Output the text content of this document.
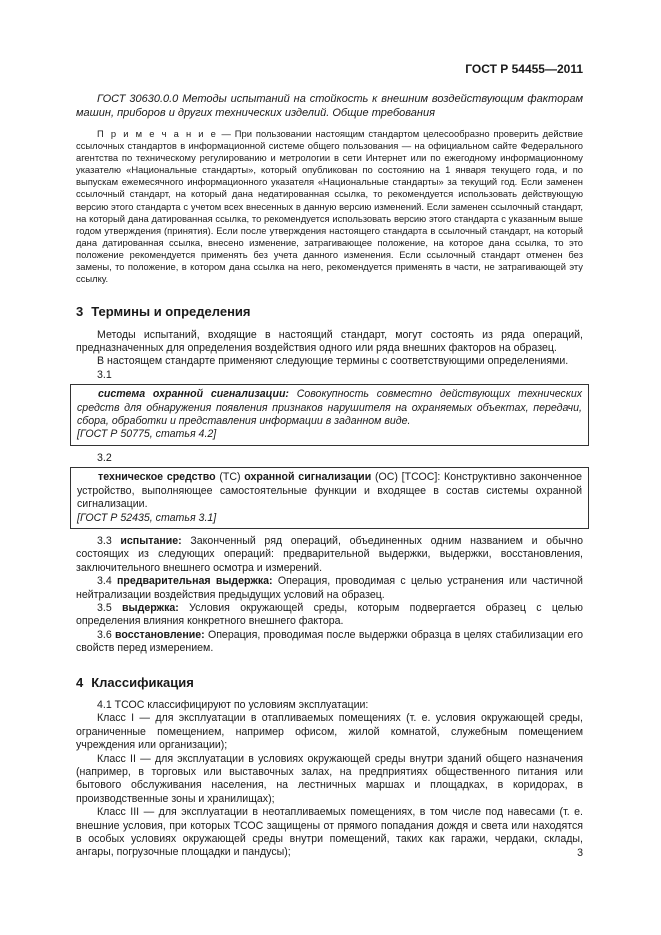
ГОСТ Р 54455—2011

ГОСТ 30630.0.0 Методы испытаний на стойкость к внешним воздействующим факторам машин, приборов и других технических изделий. Общие требования

П р и м е ч а н и е — При пользовании настоящим стандартом целесообразно проверить действие ссылочных стандартов в информационной системе общего пользования — на официальном сайте Федерального агентства по техническому регулированию и метрологии в сети Интернет или по ежегодному информационному указателю «Национальные стандарты», который опубликован по состоянию на 1 января текущего года, и по выпускам ежемесячного информационного указателя «Национальные стандарты» за текущий год. Если заменен ссылочный стандарт, на который дана недатированная ссылка, то рекомендуется использовать действующую версию этого стандарта с учетом всех внесенных в данную версию изменений. Если заменен ссылочный стандарт, на который дана датированная ссылка, то рекомендуется использовать версию этого стандарта с указанным выше годом утверждения (принятия). Если после утверждения настоящего стандарта в ссылочный стандарт, на который дана датированная ссылка, внесено изменение, затрагивающее положение, на которое дана ссылка, то это положение рекомендуется применять без учета данного изменения. Если ссылочный стандарт отменен без замены, то положение, в котором дана ссылка на него, рекомендуется применять в части, не затрагивающей эту ссылку.

3 Термины и определения

Методы испытаний, входящие в настоящий стандарт, могут состоять из ряда операций, предназначенных для определения воздействия одного или ряда внешних факторов на образец.

В настоящем стандарте применяют следующие термины с соответствующими определениями.

3.1

система охранной сигнализации: Совокупность совместно действующих технических средств для обнаружения появления признаков нарушителя на охраняемых объектах, передачи, сбора, обработки и представления информации в заданном виде.

[ГОСТ Р 50775, статья 4.2]

3.2

техническое средство (ТС) охранной сигнализации (ОС) [ТСОС]: Конструктивно законченное устройство, выполняющее самостоятельные функции и входящее в состав системы охранной сигнализации.

[ГОСТ Р 52435, статья 3.1]

3.3 испытание: Законченный ряд операций, объединенных одним названием и обычно состоящих из следующих операций: предварительной выдержки, выдержки, восстановления, заключительного внешнего осмотра и измерений.

3.4 предварительная выдержка: Операция, проводимая с целью устранения или частичной нейтрализации воздействия предыдущих условий на образец.

3.5 выдержка: Условия окружающей среды, которым подвергается образец с целью определения влияния конкретного внешнего фактора.

3.6 восстановление: Операция, проводимая после выдержки образца в целях стабилизации его свойств перед измерением.

4 Классификация

4.1 ТСОС классифицируют по условиям эксплуатации:

Класс I — для эксплуатации в отапливаемых помещениях (т. е. условия окружающей среды, ограниченные помещением, например офисом, жилой комнатой, служебным помещением учреждения или организации);

Класс II — для эксплуатации в условиях окружающей среды внутри зданий общего назначения (например, в торговых или выставочных залах, на предприятиях общественного питания или бытового обслуживания населения, на лестничных маршах и площадках, в коридорах, в производственные зоны и хранилищах);

Класс III — для эксплуатации в неотапливаемых помещениях, в том числе под навесами (т. е. внешние условия, при которых ТСОС защищены от прямого попадания дождя и света или находятся в особых условиях окружающей среды внутри помещений, таких как гаражи, чердаки, склады, ангары, погрузочные площадки и пандусы);	3
